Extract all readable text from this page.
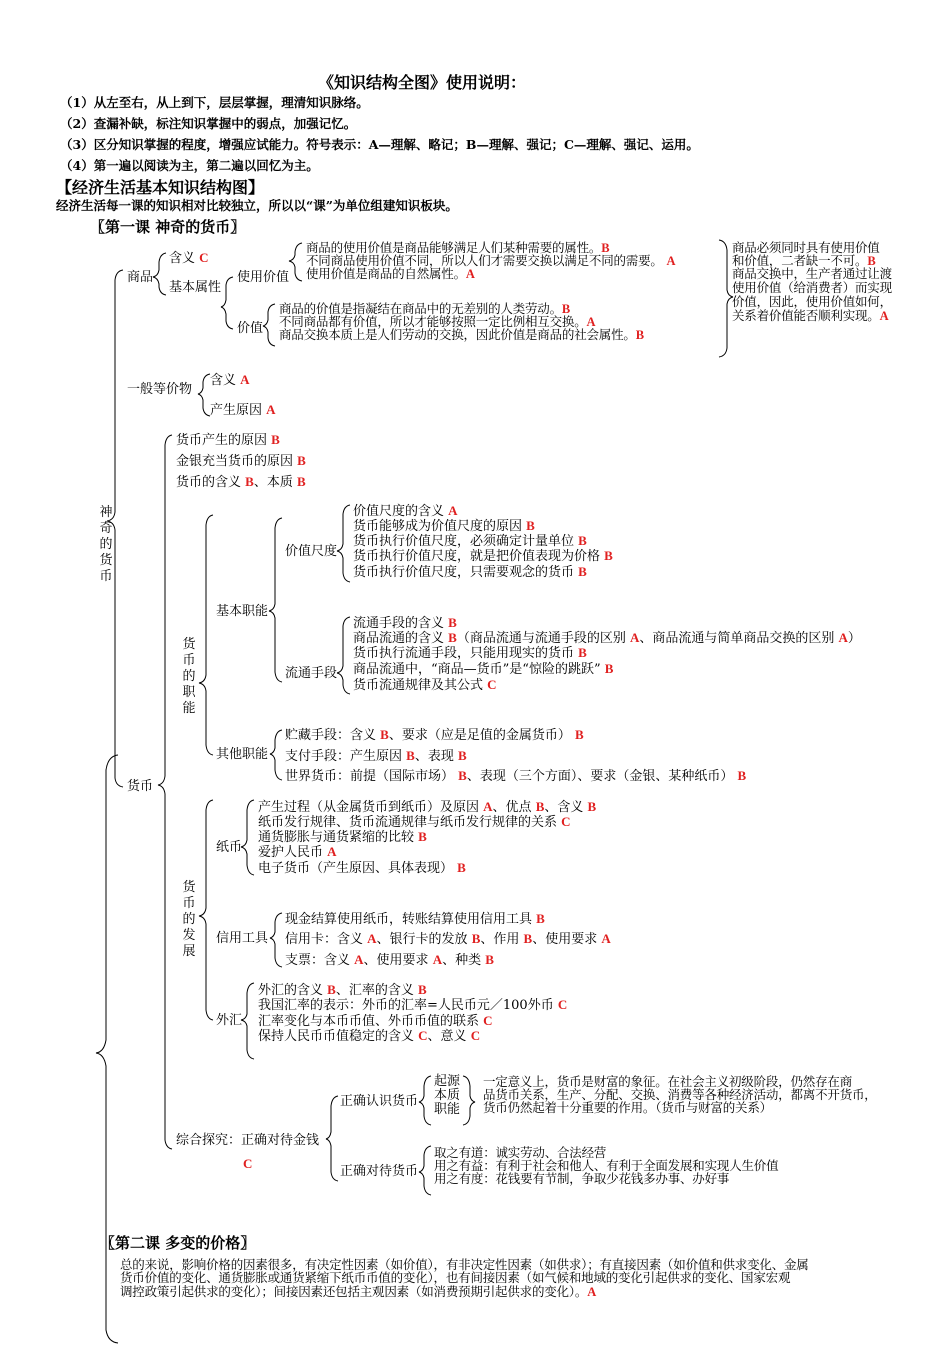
《知识结构全图》使用说明：
（1）从左至右，从上到下，层层掌握，理清知识脉络。
（2）查漏补缺，标注知识掌握中的弱点，加强记忆。
（3）区分知识掌握的程度，增强应试能力。符号表示：A—理解、略记；B—理解、强记；C—理解、强记、运用。
（4）第一遍以阅读为主，第二遍以回忆为主。
【经济生活基本知识结构图】
经济生活每一课的知识相对比较独立，所以以“课”为单位组建知识板块。
〖第一课 神奇的货币〗
神奇的货币
商品
含义 C
基本属性
使用价值
价值
商品的使用价值是商品能够满足人们某种需要的属性。B
不同商品使用价值不同，所以人们才需要交换以满足不同的需要。 A
使用价值是商品的自然属性。A
商品的价值是指凝结在商品中的无差别的人类劳动。B
不同商品都有价值，所以才能够按照一定比例相互交换。A
商品交换本质上是人们劳动的交换，因此价值是商品的社会属性。B
商品必须同时具有使用价值
和价值，二者缺一不可。B
商品交换中，生产者通过让渡
使用价值（给消费者）而实现
价值，因此，使用价值如何，
关系着价值能否顺利实现。A
一般等价物
含义 A
产生原因 A
货币
货币产生的原因 B
金银充当货币的原因 B
货币的含义 B、本质 B
货币的职能
基本职能
价值尺度
价值尺度的含义 A
货币能够成为价值尺度的原因 B
货币执行价值尺度，必须确定计量单位 B
货币执行价值尺度，就是把价值表现为价格 B
货币执行价值尺度，只需要观念的货币 B
流通手段
流通手段的含义 B
商品流通的含义 B（商品流通与流通手段的区别 A、商品流通与简单商品交换的区别 A）
货币执行流通手段，只能用现实的货币 B
商品流通中，“商品—货币”是“惊险的跳跃” B
货币流通规律及其公式 C
其他职能
贮藏手段：含义 B、要求（应是足值的金属货币） B
支付手段：产生原因 B、表现 B
世界货币：前提（国际市场） B、表现（三个方面）、要求（金银、某种纸币） B
货币的发展
纸币
产生过程（从金属货币到纸币）及原因 A、优点 B、含义 B
纸币发行规律、货币流通规律与纸币发行规律的关系 C
通货膨胀与通货紧缩的比较 B
爱护人民币 A
电子货币（产生原因、具体表现） B
信用工具
现金结算使用纸币，转账结算使用信用工具 B
信用卡：含义 A、银行卡的发放 B、作用 B、使用要求 A
支票：含义 A、使用要求 A、种类 B
外汇
外汇的含义 B、汇率的含义 B
我国汇率的表示：外币的汇率=人民币元／100外币 C
汇率变化与本币币值、外币币值的联系 C
保持人民币币值稳定的含义 C、意义 C
综合探究：正确对待金钱
C
正确认识货币
起源
本质
职能
一定意义上，货币是财富的象征。在社会主义初级阶段，仍然存在商
品货币关系，生产、分配、交换、消费等各种经济活动，都离不开货币，
货币仍然起着十分重要的作用。（货币与财富的关系）
正确对待货币
取之有道：诚实劳动、合法经营
用之有益：有利于社会和他人、有利于全面发展和实现人生价值
用之有度：花钱要有节制，争取少花钱多办事、办好事
〖第二课 多变的价格〗
总的来说，影响价格的因素很多，有决定性因素（如价值），有非决定性因素（如供求）；有直接因素（如价值和供求变化、金属
货币价值的变化、通货膨胀或通货紧缩下纸币币值的变化），也有间接因素（如气候和地域的变化引起供求的变化、国家宏观
调控政策引起供求的变化）；间接因素还包括主观因素（如消费预期引起供求的变化）。A
